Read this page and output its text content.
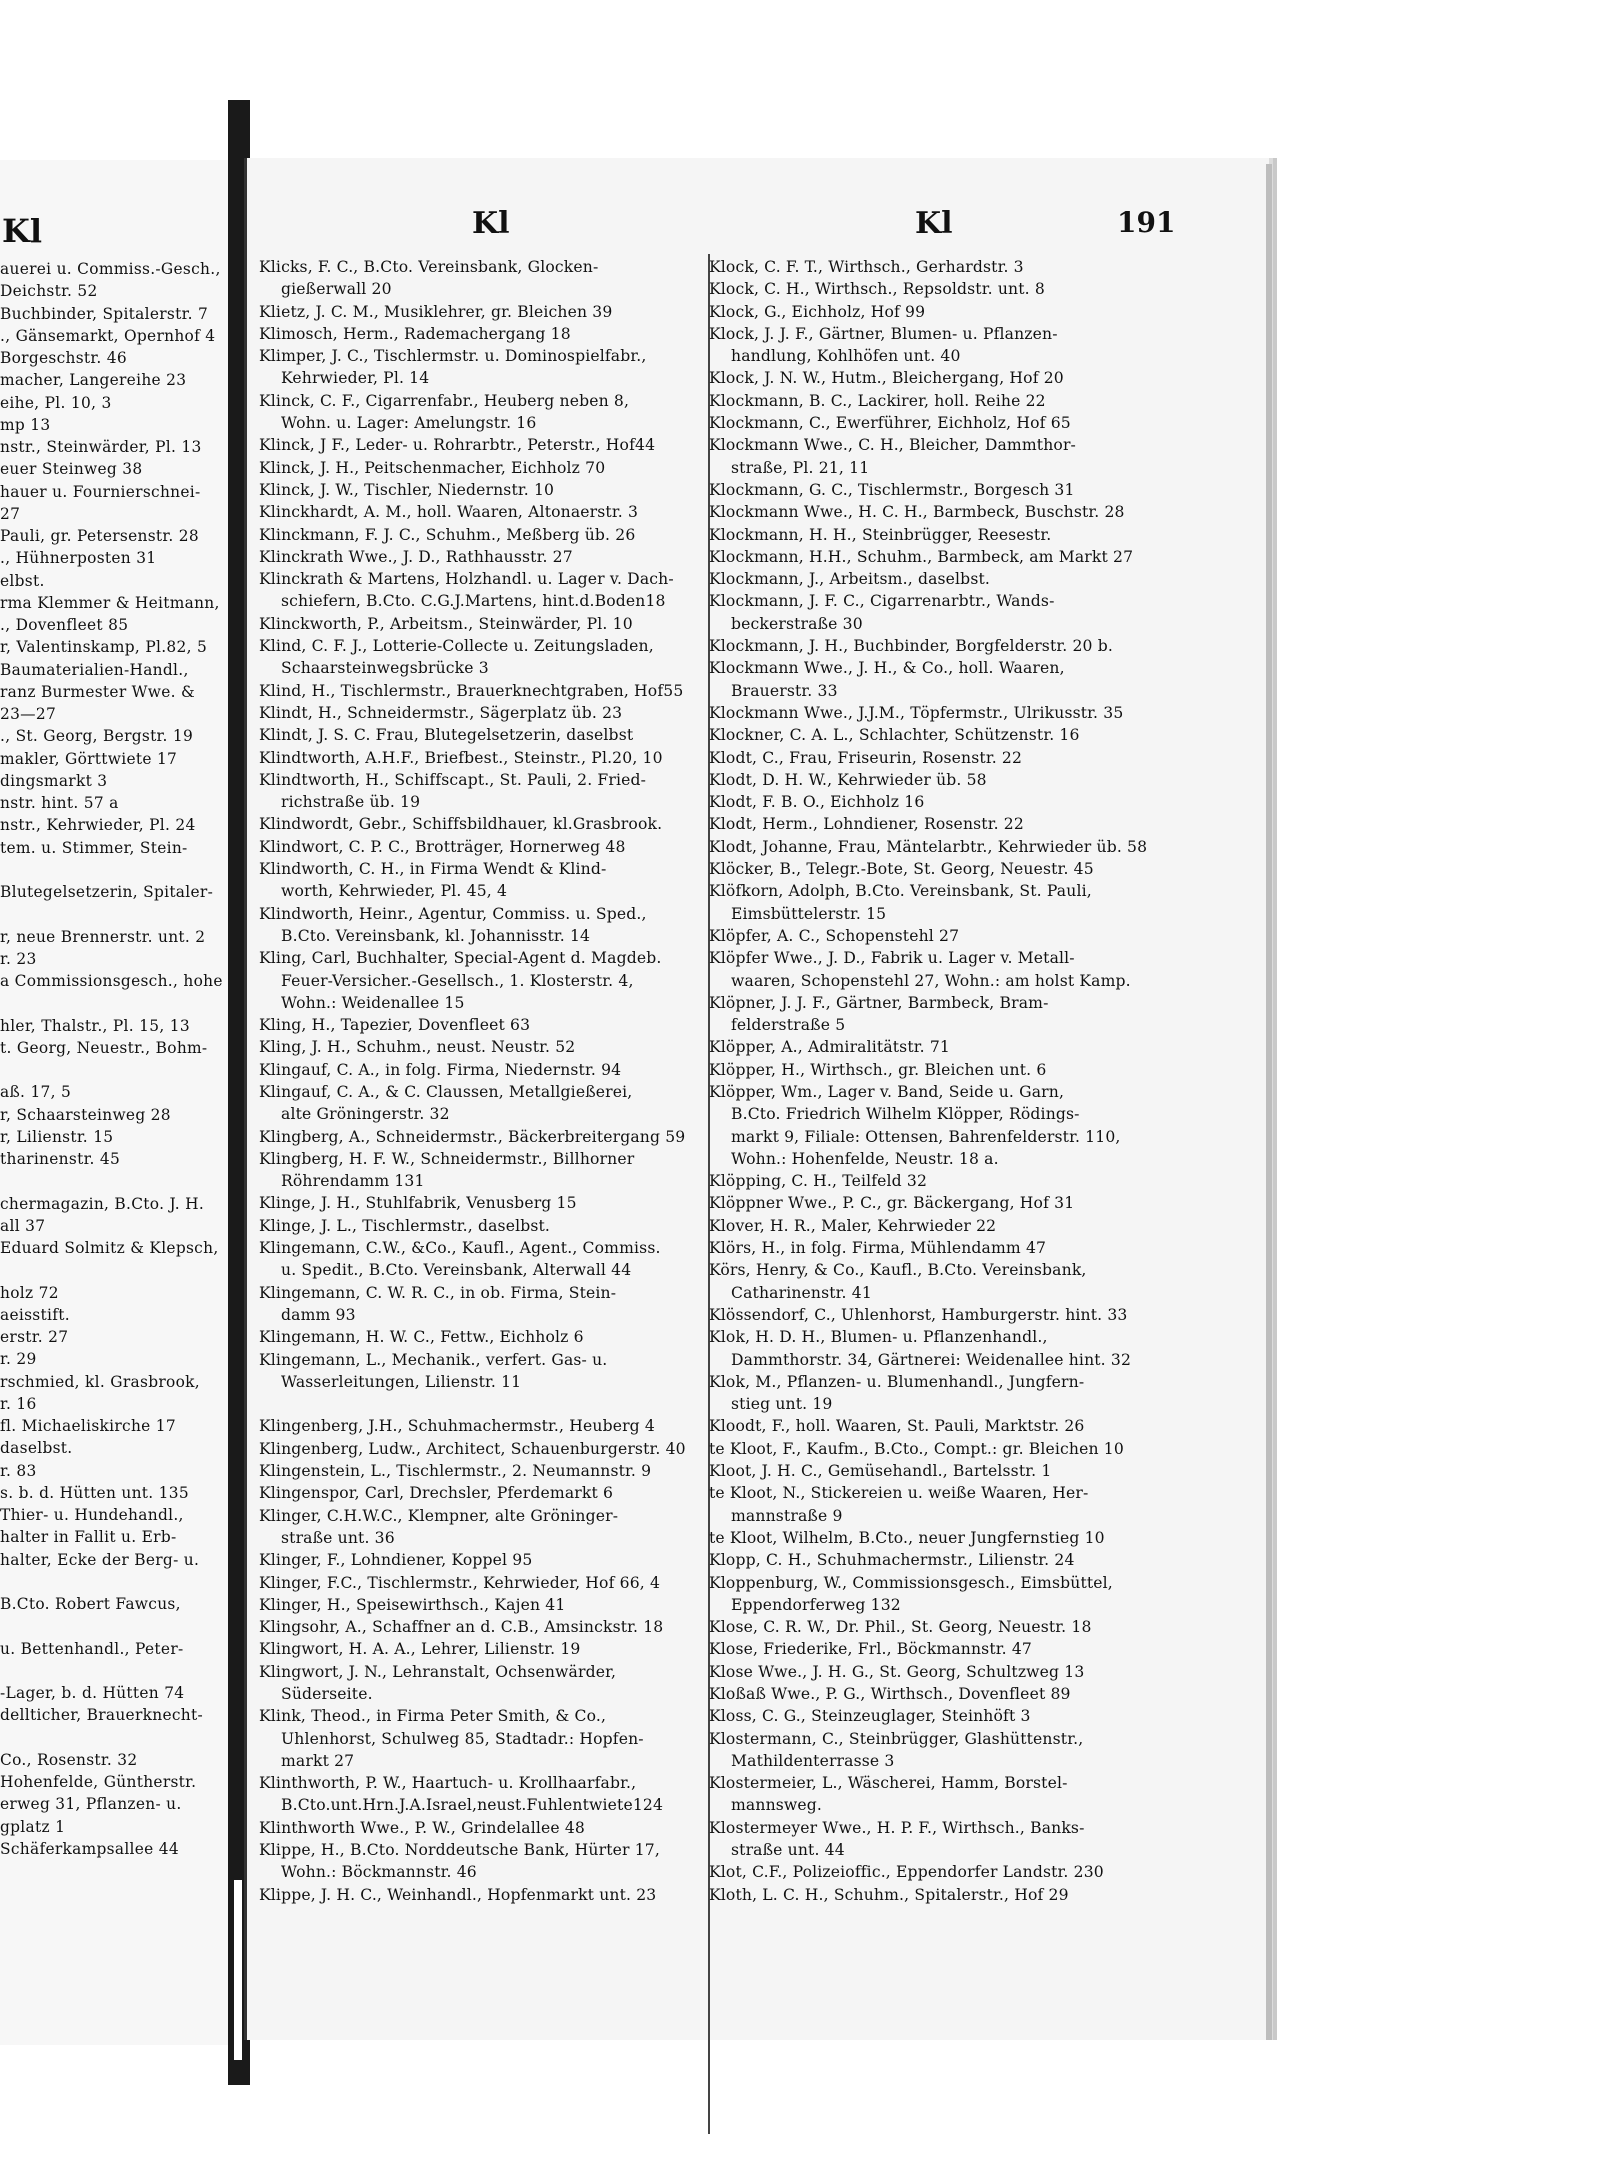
Kl
auerei u. Commiss.-Gesch.,
Deichstr. 52
Buchbinder, Spitalerstr. 7
., Gänsemarkt, Opernhof 4
Borgeschstr. 46
macher, Langereihe 23
eihe, Pl. 10, 3
mp 13
nstr., Steinwärder, Pl. 13
euer Steinweg 38
hauer u. Fournierschnei-
27
Pauli, gr. Petersenstr. 28
., Hühnerposten 31
elbst.
rma Klemmer & Heitmann,
., Dovenfleet 85
r, Valentinskamp, Pl.82, 5
Baumaterialien-Handl.,
ranz Burmester Wwe. &
23—27
., St. Georg, Bergstr. 19
makler, Görttwiete 17
dingsmarkt 3
nstr. hint. 57 a
nstr., Kehrwieder, Pl. 24
tem. u. Stimmer, Stein-
Blutegelsetzerin, Spitaler-
r, neue Brennerstr. unt. 2
r. 23
a Commissionsgesch., hohe
hler, Thalstr., Pl. 15, 13
t. Georg, Neuestr., Bohm-
aß. 17, 5
r, Schaarsteinweg 28
r, Lilienstr. 15
tharinenstr. 45
chermagazin, B.Cto. J. H.
all 37
Eduard Solmitz & Klepsch,
holz 72
aeisstift.
erstr. 27
r. 29
rschmied, kl. Grasbrook,
r. 16
fl. Michaeliskirche 17
daselbst.
r. 83
s. b. d. Hütten unt. 135
Thier- u. Hundehandl.,
halter in Fallit u. Erb-
halter, Ecke der Berg- u.
B.Cto. Robert Fawcus,
u. Bettenhandl., Peter-
-Lager, b. d. Hütten 74
dellticher, Brauerknecht-
Co., Rosenstr. 32
Hohenfelde, Güntherstr.
erweg 31, Pflanzen- u.
gplatz 1
Schäferkampsallee 44
Kl	Kl	191
Klicks, F. C., B.Cto. Vereinsbank, Glocken-
gießerwall 20
Klietz, J. C. M., Musiklehrer, gr. Bleichen 39
Klimosch, Herm., Rademachergang 18
Klimper, J. C., Tischlermstr. u. Dominospielfabr.,
Kehrwieder, Pl. 14
Klinck, C. F., Cigarrenfabr., Heuberg neben 8,
Wohn. u. Lager: Amelungstr. 16
Klinck, J F., Leder- u. Rohrarbtr., Peterstr., Hof44
Klinck, J. H., Peitschenmacher, Eichholz 70
Klinck, J. W., Tischler, Niedernstr. 10
Klinckhardt, A. M., holl. Waaren, Altonaerstr. 3
Klinckmann, F. J. C., Schuhm., Meßberg üb. 26
Klinckrath Wwe., J. D., Rathhausstr. 27
Klinckrath & Martens, Holzhandl. u. Lager v. Dach-
schiefern, B.Cto. C.G.J.Martens, hint.d.Boden18
Klinckworth, P., Arbeitsm., Steinwärder, Pl. 10
Klind, C. F. J., Lotterie-Collecte u. Zeitungsladen,
Schaarsteinwegsbrücke 3
Klind, H., Tischlermstr., Brauerknechtgraben, Hof55
Klindt, H., Schneidermstr., Sägerplatz üb. 23
Klindt, J. S. C. Frau, Blutegelsetzerin, daselbst
Klindtworth, A.H.F., Briefbest., Steinstr., Pl.20, 10
Klindtworth, H., Schiffscapt., St. Pauli, 2. Fried-
richstraße üb. 19
Klindwordt, Gebr., Schiffsbildhauer, kl.Grasbrook.
Klindwort, C. P. C., Brotträger, Hornerweg 48
Klindworth, C. H., in Firma Wendt & Klind-
worth, Kehrwieder, Pl. 45, 4
Klindworth, Heinr., Agentur, Commiss. u. Sped.,
B.Cto. Vereinsbank, kl. Johannisstr. 14
Kling, Carl, Buchhalter, Special-Agent d. Magdeb.
Feuer-Versicher.-Gesellsch., 1. Klosterstr. 4,
Wohn.: Weidenallee 15
Kling, H., Tapezier, Dovenfleet 63
Kling, J. H., Schuhm., neust. Neustr. 52
Klingauf, C. A., in folg. Firma, Niedernstr. 94
Klingauf, C. A., & C. Claussen, Metallgießerei,
alte Gröningerstr. 32
Klingberg, A., Schneidermstr., Bäckerbreitergang 59
Klingberg, H. F. W., Schneidermstr., Billhorner
Röhrendamm 131
Klinge, J. H., Stuhlfabrik, Venusberg 15
Klinge, J. L., Tischlermstr., daselbst.
Klingemann, C.W., &Co., Kaufl., Agent., Commiss.
u. Spedit., B.Cto. Vereinsbank, Alterwall 44
Klingemann, C. W. R. C., in ob. Firma, Stein-
damm 93
Klingemann, H. W. C., Fettw., Eichholz 6
Klingemann, L., Mechanik., verfert. Gas- u.
Wasserleitungen, Lilienstr. 11
Klingenberg, J.H., Schuhmachermstr., Heuberg 4
Klingenberg, Ludw., Architect, Schauenburgerstr. 40
Klingenstein, L., Tischlermstr., 2. Neumannstr. 9
Klingenspor, Carl, Drechsler, Pferdemarkt 6
Klinger, C.H.W.C., Klempner, alte Gröninger-
straße unt. 36
Klinger, F., Lohndiener, Koppel 95
Klinger, F.C., Tischlermstr., Kehrwieder, Hof 66, 4
Klinger, H., Speisewirthsch., Kajen 41
Klingsohr, A., Schaffner an d. C.B., Amsinckstr. 18
Klingwort, H. A. A., Lehrer, Lilienstr. 19
Klingwort, J. N., Lehranstalt, Ochsenwärder,
Süderseite.
Klink, Theod., in Firma Peter Smith, & Co.,
Uhlenhorst, Schulweg 85, Stadtadr.: Hopfen-
markt 27
Klinthworth, P. W., Haartuch- u. Krollhaarfabr.,
B.Cto.unt.Hrn.J.A.Israel,neust.Fuhlentwiete124
Klinthworth Wwe., P. W., Grindelallee 48
Klippe, H., B.Cto. Norddeutsche Bank, Hürter 17,
Wohn.: Böckmannstr. 46
Klippe, J. H. C., Weinhandl., Hopfenmarkt unt. 23
Klock, C. F. T., Wirthsch., Gerhardstr. 3
Klock, C. H., Wirthsch., Repsoldstr. unt. 8
Klock, G., Eichholz, Hof 99
Klock, J. J. F., Gärtner, Blumen- u. Pflanzen-
handlung, Kohlhöfen unt. 40
Klock, J. N. W., Hutm., Bleichergang, Hof 20
Klockmann, B. C., Lackirer, holl. Reihe 22
Klockmann, C., Ewerführer, Eichholz, Hof 65
Klockmann Wwe., C. H., Bleicher, Dammthor-
straße, Pl. 21, 11
Klockmann, G. C., Tischlermstr., Borgesch 31
Klockmann Wwe., H. C. H., Barmbeck, Buschstr. 28
Klockmann, H. H., Steinbrügger, Reesestr.
Klockmann, H.H., Schuhm., Barmbeck, am Markt 27
Klockmann, J., Arbeitsm., daselbst.
Klockmann, J. F. C., Cigarrenarbtr., Wands-
beckerstraße 30
Klockmann, J. H., Buchbinder, Borgfelderstr. 20 b.
Klockmann Wwe., J. H., & Co., holl. Waaren,
Brauerstr. 33
Klockmann Wwe., J.J.M., Töpfermstr., Ulrikusstr. 35
Klockner, C. A. L., Schlachter, Schützenstr. 16
Klodt, C., Frau, Friseurin, Rosenstr. 22
Klodt, D. H. W., Kehrwieder üb. 58
Klodt, F. B. O., Eichholz 16
Klodt, Herm., Lohndiener, Rosenstr. 22
Klodt, Johanne, Frau, Mäntelarbtr., Kehrwieder üb. 58
Klöcker, B., Telegr.-Bote, St. Georg, Neuestr. 45
Klöfkorn, Adolph, B.Cto. Vereinsbank, St. Pauli,
Eimsbüttelerstr. 15
Klöpfer, A. C., Schopenstehl 27
Klöpfer Wwe., J. D., Fabrik u. Lager v. Metall-
waaren, Schopenstehl 27, Wohn.: am holst Kamp.
Klöpner, J. J. F., Gärtner, Barmbeck, Bram-
felderstraße 5
Klöpper, A., Admiralitätstr. 71
Klöpper, H., Wirthsch., gr. Bleichen unt. 6
Klöpper, Wm., Lager v. Band, Seide u. Garn,
B.Cto. Friedrich Wilhelm Klöpper, Rödings-
markt 9, Filiale: Ottensen, Bahrenfelderstr. 110,
Wohn.: Hohenfelde, Neustr. 18 a.
Klöpping, C. H., Teilfeld 32
Klöppner Wwe., P. C., gr. Bäckergang, Hof 31
Klover, H. R., Maler, Kehrwieder 22
Klörs, H., in folg. Firma, Mühlendamm 47
Körs, Henry, & Co., Kaufl., B.Cto. Vereinsbank,
Catharinenstr. 41
Klössendorf, C., Uhlenhorst, Hamburgerstr. hint. 33
Klok, H. D. H., Blumen- u. Pflanzenhandl.,
Dammthorstr. 34, Gärtnerei: Weidenallee hint. 32
Klok, M., Pflanzen- u. Blumenhandl., Jungfern-
stieg unt. 19
Kloodt, F., holl. Waaren, St. Pauli, Marktstr. 26
te Kloot, F., Kaufm., B.Cto., Compt.: gr. Bleichen 10
Kloot, J. H. C., Gemüsehandl., Bartelsstr. 1
te Kloot, N., Stickereien u. weiße Waaren, Her-
mannstraße 9
te Kloot, Wilhelm, B.Cto., neuer Jungfernstieg 10
Klopp, C. H., Schuhmachermstr., Lilienstr. 24
Kloppenburg, W., Commissionsgesch., Eimsbüttel,
Eppendorferweg 132
Klose, C. R. W., Dr. Phil., St. Georg, Neuestr. 18
Klose, Friederike, Frl., Böckmannstr. 47
Klose Wwe., J. H. G., St. Georg, Schultzweg 13
Kloßaß Wwe., P. G., Wirthsch., Dovenfleet 89
Kloss, C. G., Steinzeuglager, Steinhöft 3
Klostermann, C., Steinbrügger, Glashüttenstr.,
Mathildenterrasse 3
Klostermeier, L., Wäscherei, Hamm, Borstel-
mannsweg.
Klostermeyer Wwe., H. P. F., Wirthsch., Banks-
straße unt. 44
Klot, C.F., Polizeioffic., Eppendorfer Landstr. 230
Kloth, L. C. H., Schuhm., Spitalerstr., Hof 29
